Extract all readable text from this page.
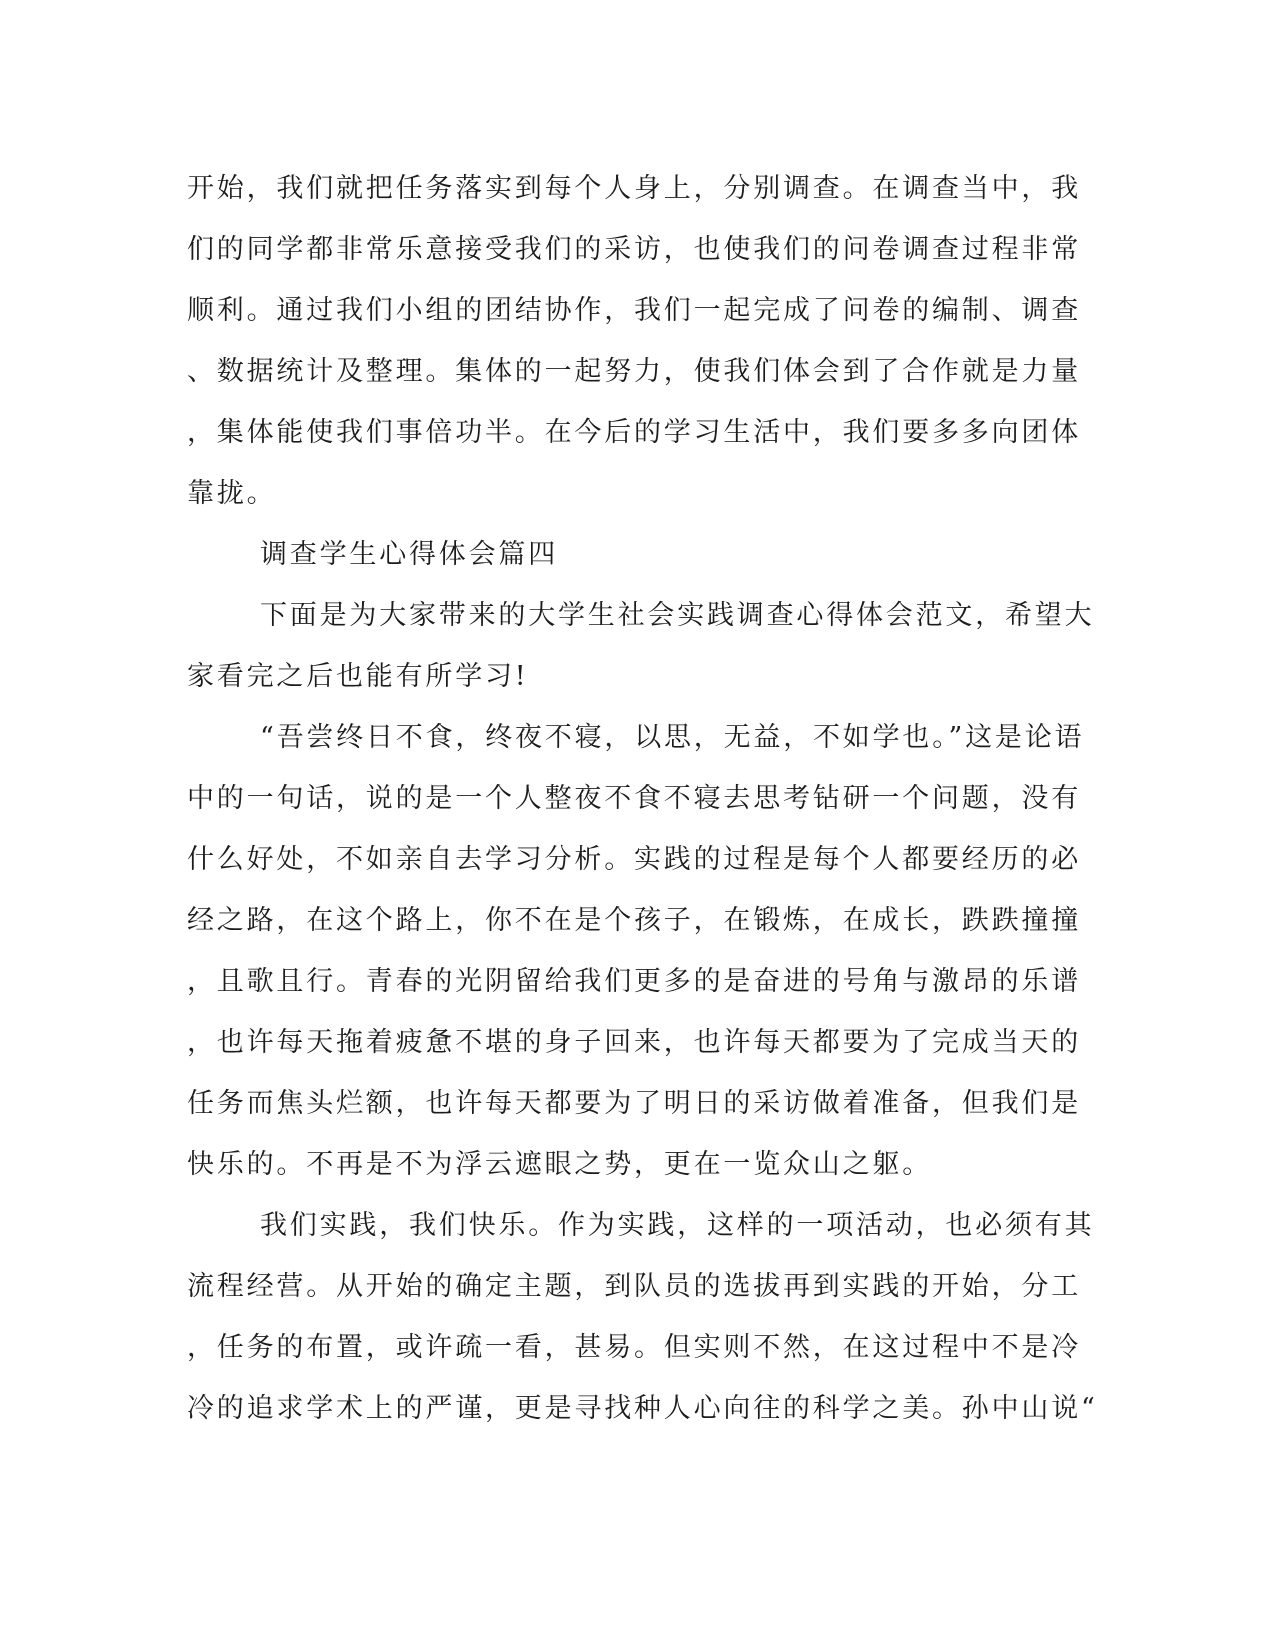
开始，我们就把任务落实到每个人身上，分别调查。在调查当中，我
们的同学都非常乐意接受我们的采访，也使我们的问卷调查过程非常
顺利。通过我们小组的团结协作，我们一起完成了问卷的编制、调查
、数据统计及整理。集体的一起努力，使我们体会到了合作就是力量
，集体能使我们事倍功半。在今后的学习生活中，我们要多多向团体
靠拢。
调查学生心得体会篇四
下面是为大家带来的大学生社会实践调查心得体会范文，希望大
家看完之后也能有所学习!
“吾尝终日不食，终夜不寝，以思，无益，不如学也。”这是论语
中的一句话，说的是一个人整夜不食不寝去思考钻研一个问题，没有
什么好处，不如亲自去学习分析。实践的过程是每个人都要经历的必
经之路，在这个路上，你不在是个孩子，在锻炼，在成长，跌跌撞撞
，且歌且行。青春的光阴留给我们更多的是奋进的号角与激昂的乐谱
，也许每天拖着疲惫不堪的身子回来，也许每天都要为了完成当天的
任务而焦头烂额，也许每天都要为了明日的采访做着准备，但我们是
快乐的。不再是不为浮云遮眼之势，更在一览众山之躯。
我们实践，我们快乐。作为实践，这样的一项活动，也必须有其
流程经营。从开始的确定主题，到队员的选拔再到实践的开始，分工
，任务的布置，或许疏一看，甚易。但实则不然，在这过程中不是冷
冷的追求学术上的严谨，更是寻找种人心向往的科学之美。孙中山说“
